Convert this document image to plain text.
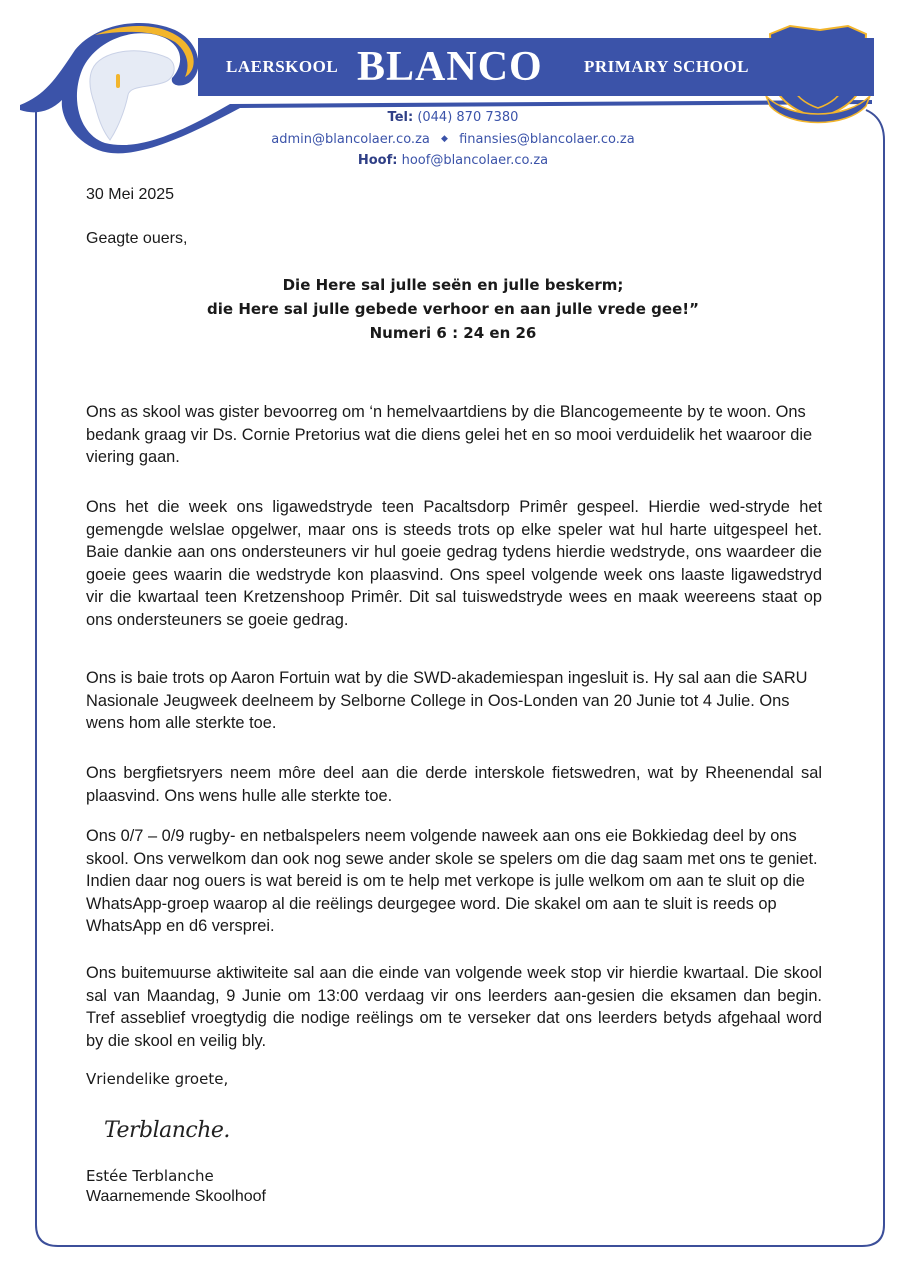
LAERSKOOL BLANCO PRIMARY SCHOOL
Tel: (044) 870 7380
admin@blancolaer.co.za ◆ finansies@blancolaer.co.za
Hoof: hoof@blancolaer.co.za
30 Mei 2025
Geagte ouers,
Die Here sal julle seën en julle beskerm;
die Here sal julle gebede verhoor en aan julle vrede gee!”
Numeri 6 : 24 en 26

Ons as skool was gister bevoorreg om ‘n hemelvaartdiens by die Blancogemeente by te woon. Ons bedank graag vir Ds. Cornie Pretorius wat die diens gelei het en so mooi verduidelik het waaroor die viering gaan.

Ons het die week ons ligawedstryde teen Pacaltsdorp Primêr gespeel. Hierdie wed-stryde het gemengde welslae opgelwer, maar ons is steeds trots op elke speler wat hul harte uitgespeel het. Baie dankie aan ons ondersteuners vir hul goeie gedrag tydens hierdie wedstryde, ons waardeer die goeie gees waarin die wedstryde kon plaasvind. Ons speel volgende week ons laaste ligawedstryd vir die kwartaal teen Kretzenshoop Primêr. Dit sal tuiswedstryde wees en maak weereens staat op ons ondersteuners se goeie gedrag.

Ons is baie trots op Aaron Fortuin wat by die SWD-akademiespan ingesluit is. Hy sal aan die SARU Nasionale Jeugweek deelneem by Selborne College in Oos-Londen van 20 Junie tot 4 Julie. Ons wens hom alle sterkte toe.

Ons bergfietsryers neem môre deel aan die derde interskole fietswedren, wat by Rheenendal sal plaasvind. Ons wens hulle alle sterkte toe.

Ons 0/7 – 0/9 rugby- en netbalspelers neem volgende naweek aan ons eie Bokkiedag deel by ons skool. Ons verwelkom dan ook nog sewe ander skole se spelers om die dag saam met ons te geniet. Indien daar nog ouers is wat bereid is om te help met verkope is julle welkom om aan te sluit op die WhatsApp-groep waarop al die reëlings deurgegee word. Die skakel om aan te sluit is reeds op WhatsApp en d6 versprei.

Ons buitemuurse aktiwiteite sal aan die einde van volgende week stop vir hierdie kwartaal. Die skool sal van Maandag, 9 Junie om 13:00 verdaag vir ons leerders aan-gesien die eksamen dan begin. Tref asseblief vroegtydig die nodige reëlings om te verseker dat ons leerders betyds afgehaal word by die skool en veilig bly.

Vriendelike groete,
Terblanche.
Estée Terblanche
Waarnemende Skoolhoof
